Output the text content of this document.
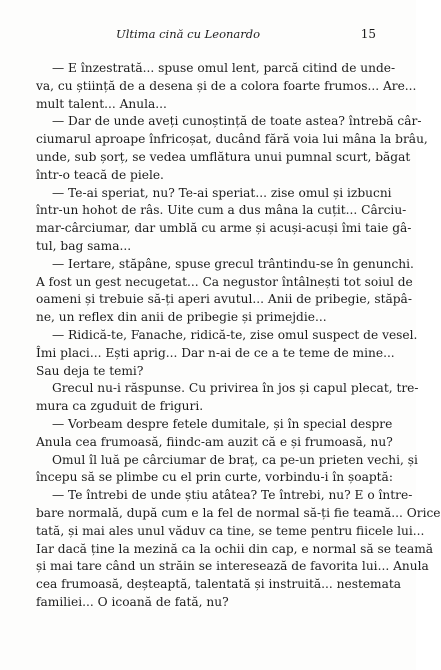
Ultima cină cu Leonardo	15
— E înzestrată... spuse omul lent, parcă citind de unde-
va, cu știință de a desena și de a colora foarte frumos... Are...
mult talent... Anula...
— Dar de unde aveți cunoștință de toate astea? întrebă câr-
ciumarul aproape înfricoșat, ducând fără voia lui mâna la brâu,
unde, sub șorț, se vedea umflătura unui pumnal scurt, băgat
într-o teacă de piele.
— Te-ai speriat, nu? Te-ai speriat... zise omul și izbucni
într-un hohot de râs. Uite cum a dus mâna la cuțit... Cârciu-
mar-cârciumar, dar umblă cu arme și acuși-acuși îmi taie gâ-
tul, bag sama...
— Iertare, stăpâne, spuse grecul trântindu-se în genunchi.
A fost un gest necugetat... Ca negustor întâlnești tot soiul de
oameni și trebuie să-ți aperi avutul... Anii de pribegie, stăpâ-
ne, un reflex din anii de pribegie și primejdie...
— Ridică-te, Fanache, ridică-te, zise omul suspect de vesel.
Îmi placi... Ești aprig... Dar n-ai de ce a te teme de mine...
Sau deja te temi?
Grecul nu-i răspunse. Cu privirea în jos și capul plecat, tre-
mura ca zguduit de friguri.
— Vorbeam despre fetele dumitale, și în special despre
Anula cea frumoasă, fiindc-am auzit că e și frumoasă, nu?
Omul îl luă pe cârciumar de braț, ca pe-un prieten vechi, și
începu să se plimbe cu el prin curte, vorbindu-i în șoaptă:
— Te întrebi de unde știu atâtea? Te întrebi, nu? E o între-
bare normală, după cum e la fel de normal să-ți fie teamă... Orice
tată, și mai ales unul văduv ca tine, se teme pentru fiicele lui...
Iar dacă ține la mezină ca la ochii din cap, e normal să se teamă
și mai tare când un străin se interesează de favorita lui... Anula
cea frumoasă, deșteaptă, talentată și instruită... nestemata
familiei... O icoană de fată, nu?
